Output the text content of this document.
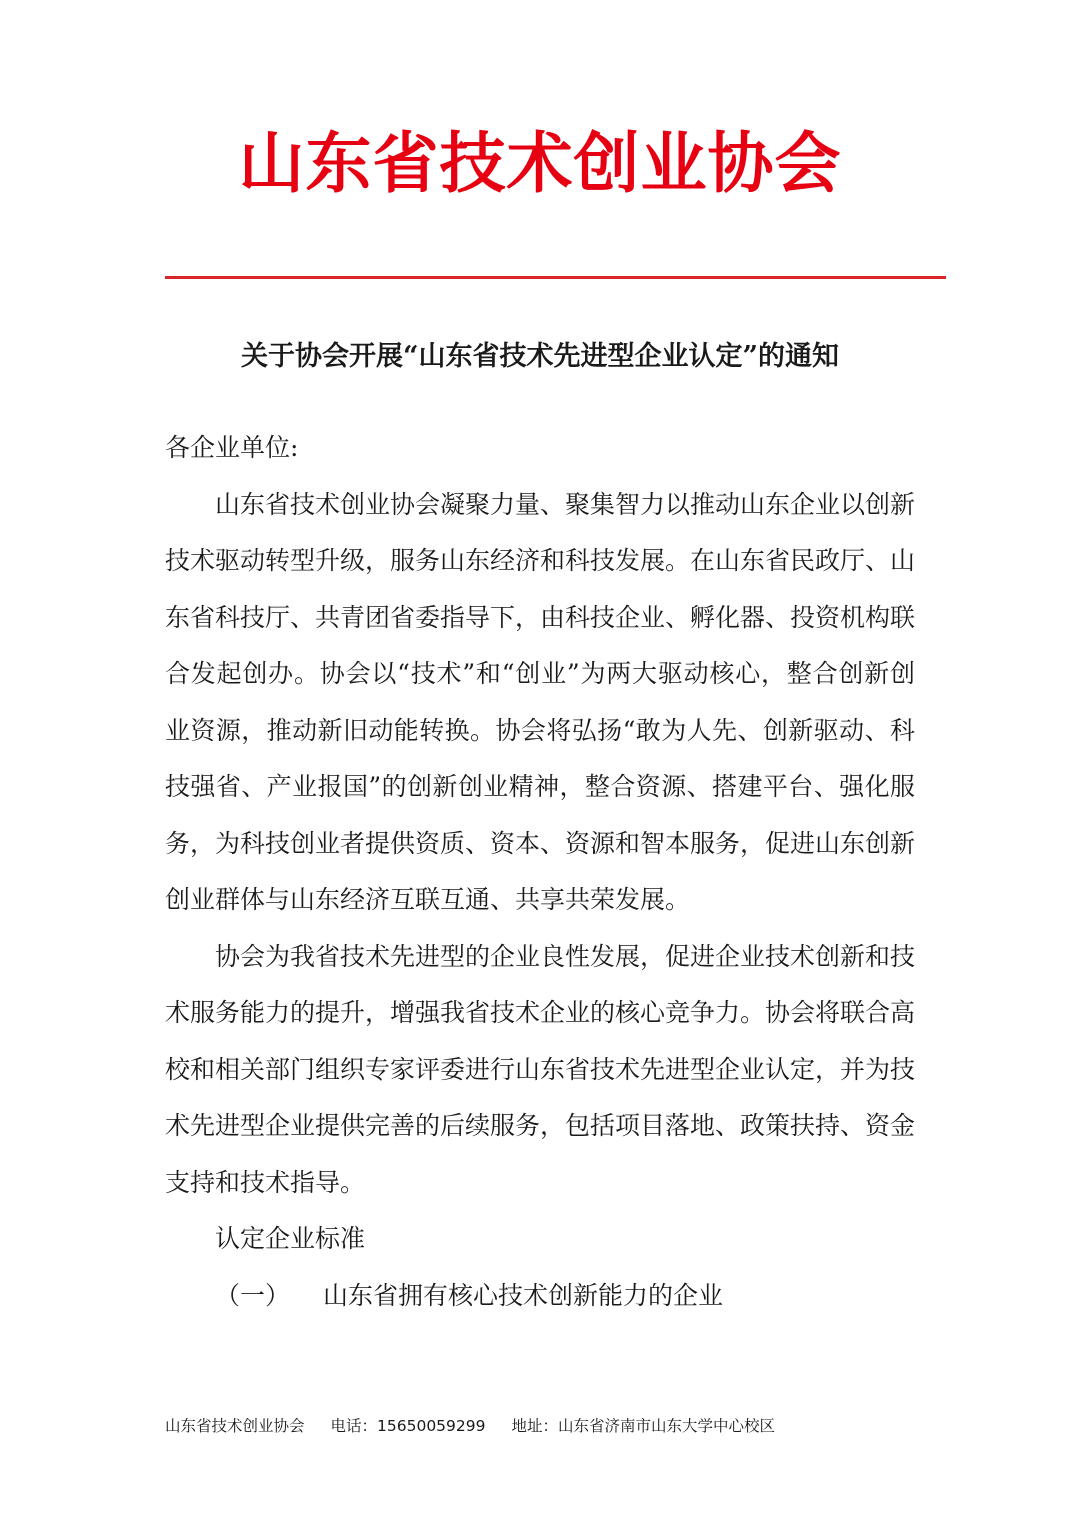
山东省技术创业协会
关于协会开展“山东省技术先进型企业认定”的通知

各企业单位:

山东省技术创业协会凝聚力量、聚集智力以推动山东企业以创新技术驱动转型升级，服务山东经济和科技发展。在山东省民政厅、山东省科技厅、共青团省委指导下，由科技企业、孵化器、投资机构联合发起创办。协会以“技术”和“创业”为两大驱动核心，整合创新创业资源，推动新旧动能转换。协会将弘扬“敢为人先、创新驱动、科技强省、产业报国”的创新创业精神，整合资源、搭建平台、强化服务，为科技创业者提供资质、资本、资源和智本服务，促进山东创新创业群体与山东经济互联互通、共享共荣发展。

协会为我省技术先进型的企业良性发展，促进企业技术创新和技术服务能力的提升，增强我省技术企业的核心竞争力。协会将联合高校和相关部门组织专家评委进行山东省技术先进型企业认定，并为技术先进型企业提供完善的后续服务，包括项目落地、政策扶持、资金支持和技术指导。

认定企业标准

（一） 山东省拥有核心技术创新能力的企业

山东省技术创业协会 电话：15650059299 地址：山东省济南市山东大学中心校区
